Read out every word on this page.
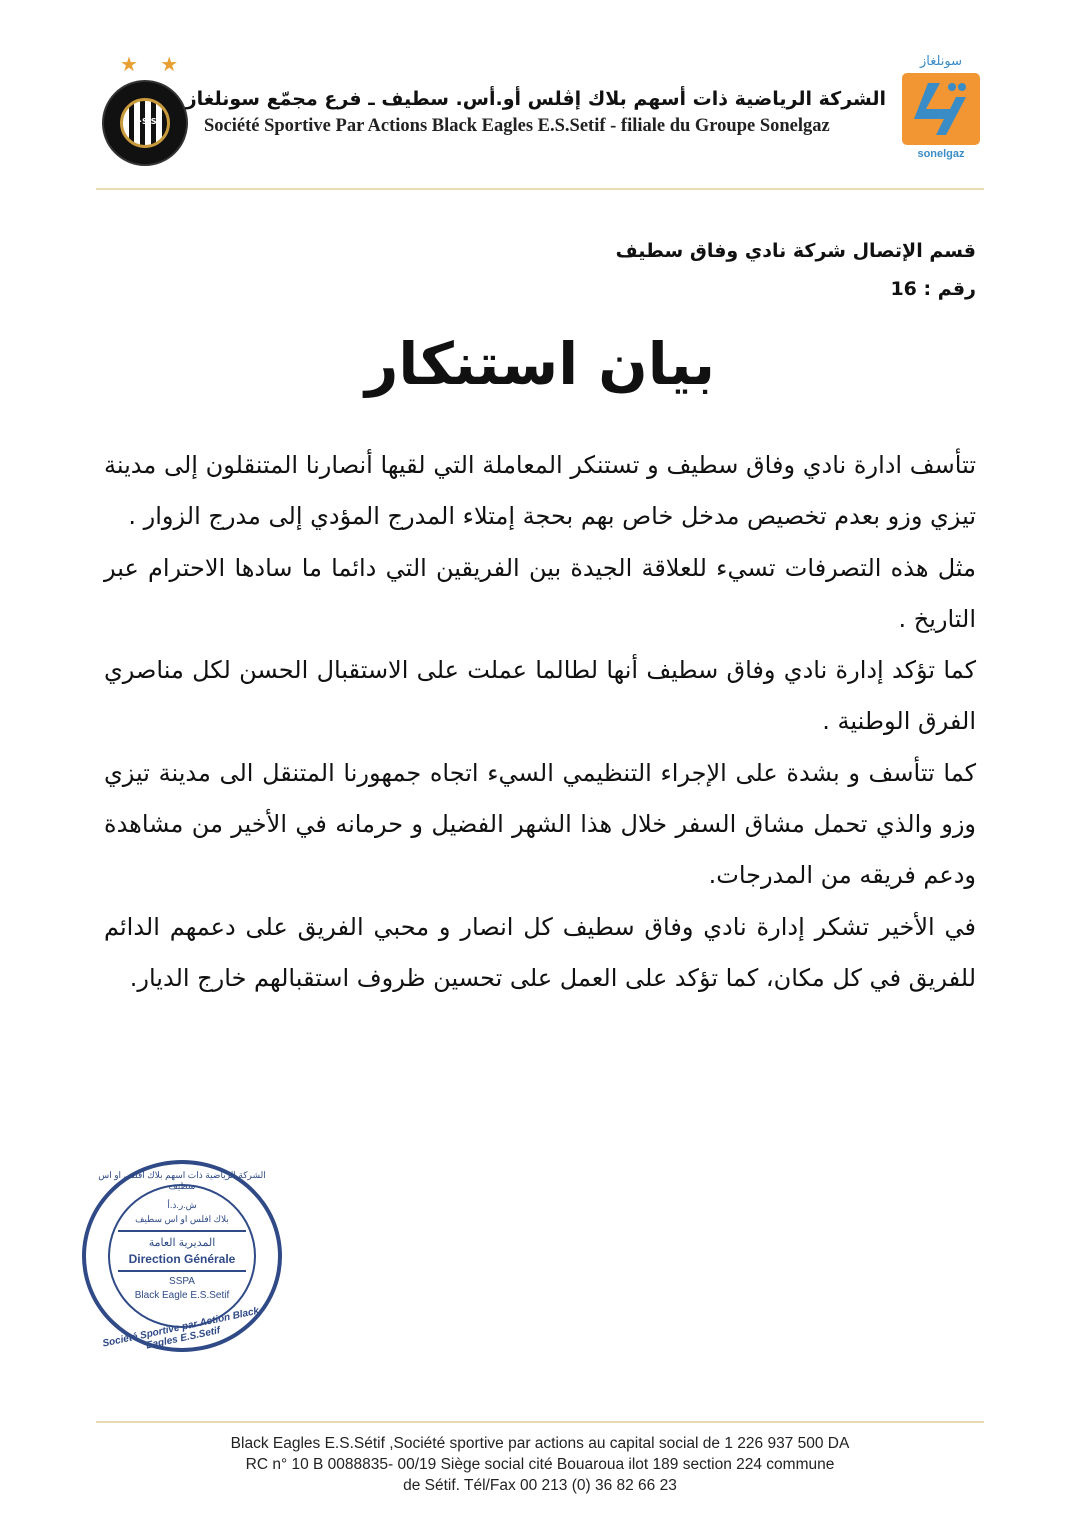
★ ★
E·S·S
الشركة الرياضية ذات أسهم بلاك إڤلس أو.أس. سطيف ـ فرع مجمّع سونلغاز
Société Sportive Par Actions Black Eagles E.S.Setif - filiale du Groupe Sonelgaz
سونلغاز
sonelgaz
قسم الإتصال شركة نادي وفاق سطيف
رقم : 16
بيان استنكار

تتأسف ادارة نادي وفاق سطيف و تستنكر المعاملة التي لقيها أنصارنا المتنقلون إلى مدينة تيزي وزو بعدم تخصيص مدخل خاص بهم بحجة إمتلاء المدرج المؤدي إلى مدرج الزوار .

مثل هذه التصرفات تسيء للعلاقة الجيدة بين الفريقين التي دائما ما سادها الاحترام عبر التاريخ .

كما تؤكد إدارة نادي وفاق سطيف أنها لطالما عملت على الاستقبال الحسن لكل مناصري الفرق الوطنية .

كما تتأسف و بشدة على الإجراء التنظيمي السيء اتجاه جمهورنا المتنقل الى مدينة تيزي وزو والذي تحمل مشاق السفر خلال هذا الشهر الفضيل و حرمانه في الأخير من مشاهدة ودعم فريقه من المدرجات.

في الأخير تشكر إدارة نادي وفاق سطيف كل انصار و محبي الفريق على دعمهم الدائم للفريق في كل مكان، كما تؤكد على العمل على تحسين ظروف استقبالهم خارج الديار.

الشركة الرياضية ذات اسهم بلاك افلس او اس سطيف
ش.ر.ذ.أ
بلاك افلس او اس سطيف
المديرية العامة
Direction Générale
SSPA
Black Eagle E.S.Setif
Société Sportive par Action Black Eagles E.S.Setif
Black Eagles E.S.Sétif ,Société sportive par actions au capital social de 1 226 937 500 DA
RC n° 10 B 0088835- 00/19 Siège social cité Bouaroua ilot 189 section 224 commune
de Sétif. Tél/Fax 00 213 (0) 36 82 66 23
